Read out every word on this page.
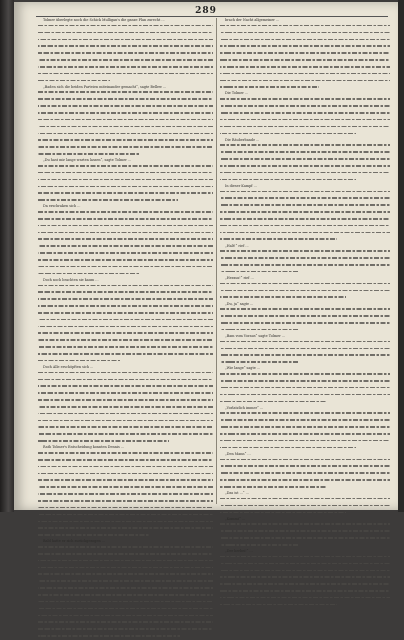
289
Tolmer überlegte noch die Schick Mulligan's die ganze Plan zurecht ...
„Baden sich die beiden Parteien miteinander gemacht“, sagte Bellew ...
„Du hast mir lange warten lassen“, sagte Tolmer ...
Da erschraken sich ...
Doch noch brachten sie kaum ...
Doch Alle erschöpften sich ...
Rath Tolmer's Entscheidung konnten Dennis ...
Bald hatte er sich zurückgezogen ...
brach der Nacht allgemeiner ...
Die Tolmer ...
Die Räuberbande ...
In dieser Kampf ...
„Halt!“ rief ...
„Heraus!“ rief ...
„Du, ja“ sagte ...
„Bam vom Voraus“ sagte Tolmer ...
„Wie lange“ sagte ...
„Vorlatzlich immer“ ...
„Den Mann“ ...
„Das ist ...“ ...
„Kommt“ ...
„Der herbei!“ ...
